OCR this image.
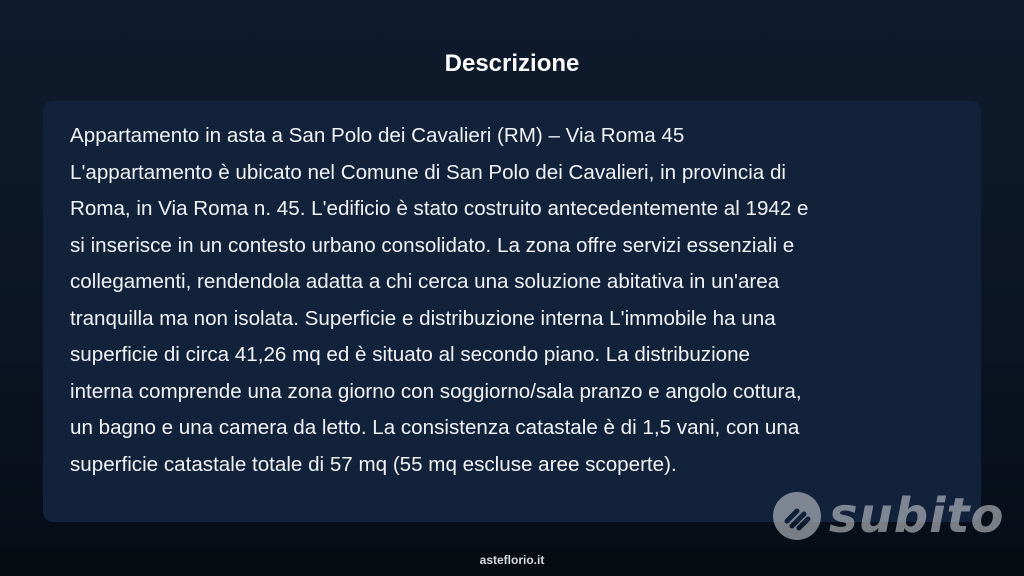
Descrizione
Appartamento in asta a San Polo dei Cavalieri (RM) – Via Roma 45
L'appartamento è ubicato nel Comune di San Polo dei Cavalieri, in provincia di
Roma, in Via Roma n. 45. L'edificio è stato costruito antecedentemente al 1942 e
si inserisce in un contesto urbano consolidato. La zona offre servizi essenziali e
collegamenti, rendendola adatta a chi cerca una soluzione abitativa in un'area
tranquilla ma non isolata. Superficie e distribuzione interna L'immobile ha una
superficie di circa 41,26 mq ed è situato al secondo piano. La distribuzione
interna comprende una zona giorno con soggiorno/sala pranzo e angolo cottura,
un bagno e una camera da letto. La consistenza catastale è di 1,5 vani, con una
superficie catastale totale di 57 mq (55 mq escluse aree scoperte).
subito
asteflorio.it
